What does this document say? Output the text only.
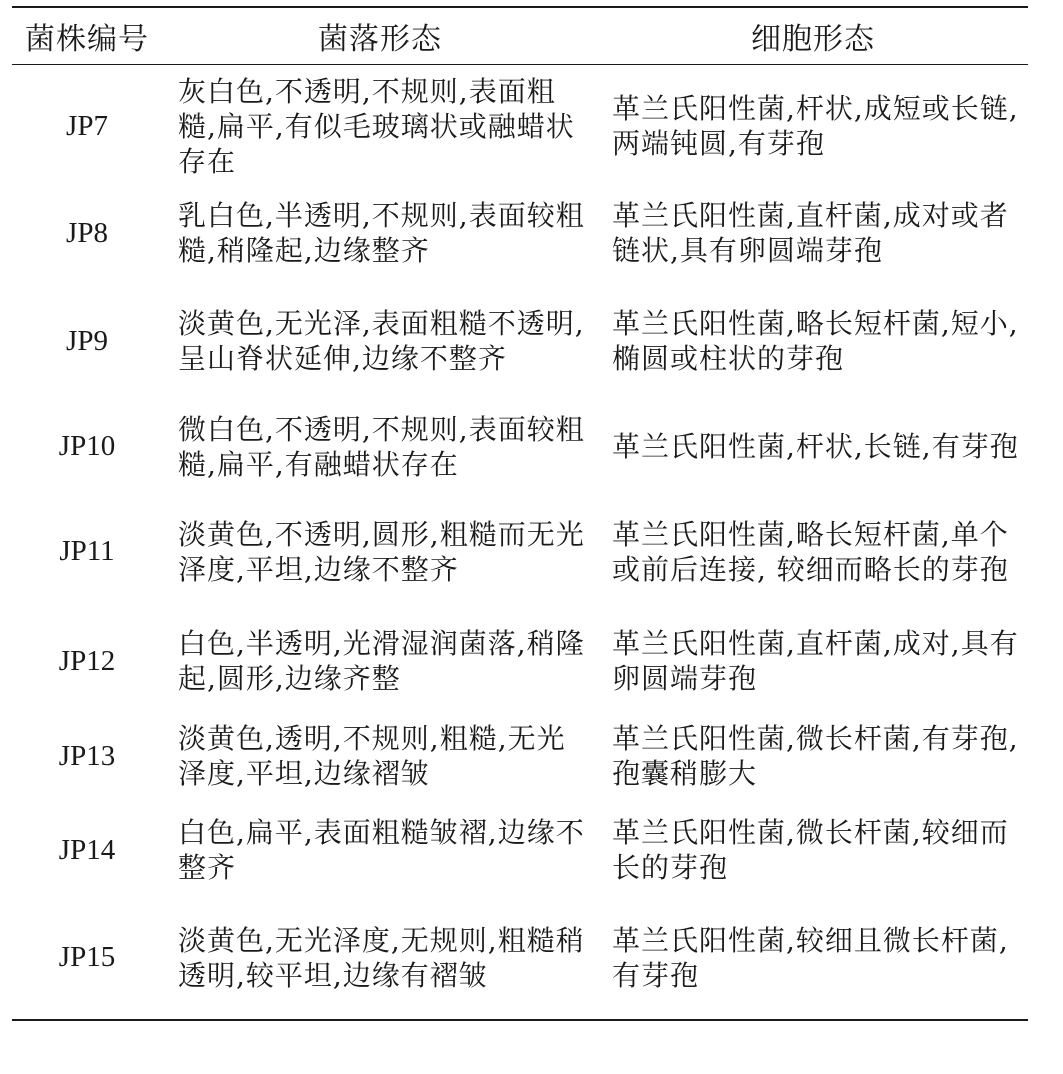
菌株编号	菌落形态	细胞形态
JP7	灰白色,不透明,不规则,表面粗糙,扁平,有似毛玻璃状或融蜡状存在	革兰氏阳性菌,杆状,成短或长链,两端钝圆,有芽孢
JP8	乳白色,半透明,不规则,表面较粗糙,稍隆起,边缘整齐	革兰氏阳性菌,直杆菌,成对或者链状,具有卵圆端芽孢
JP9	淡黄色,无光泽,表面粗糙不透明,呈山脊状延伸,边缘不整齐	革兰氏阳性菌,略长短杆菌,短小,椭圆或柱状的芽孢
JP10	微白色,不透明,不规则,表面较粗糙,扁平,有融蜡状存在	革兰氏阳性菌,杆状,长链,有芽孢
JP11	淡黄色,不透明,圆形,粗糙而无光泽度,平坦,边缘不整齐	革兰氏阳性菌,略长短杆菌,单个或前后连接, 较细而略长的芽孢
JP12	白色,半透明,光滑湿润菌落,稍隆起,圆形,边缘齐整	革兰氏阳性菌,直杆菌,成对,具有卵圆端芽孢
JP13	淡黄色,透明,不规则,粗糙,无光泽度,平坦,边缘褶皱	革兰氏阳性菌,微长杆菌,有芽孢,孢囊稍膨大
JP14	白色,扁平,表面粗糙皱褶,边缘不整齐	革兰氏阳性菌,微长杆菌,较细而长的芽孢
JP15	淡黄色,无光泽度,无规则,粗糙稍透明,较平坦,边缘有褶皱	革兰氏阳性菌,较细且微长杆菌,有芽孢
